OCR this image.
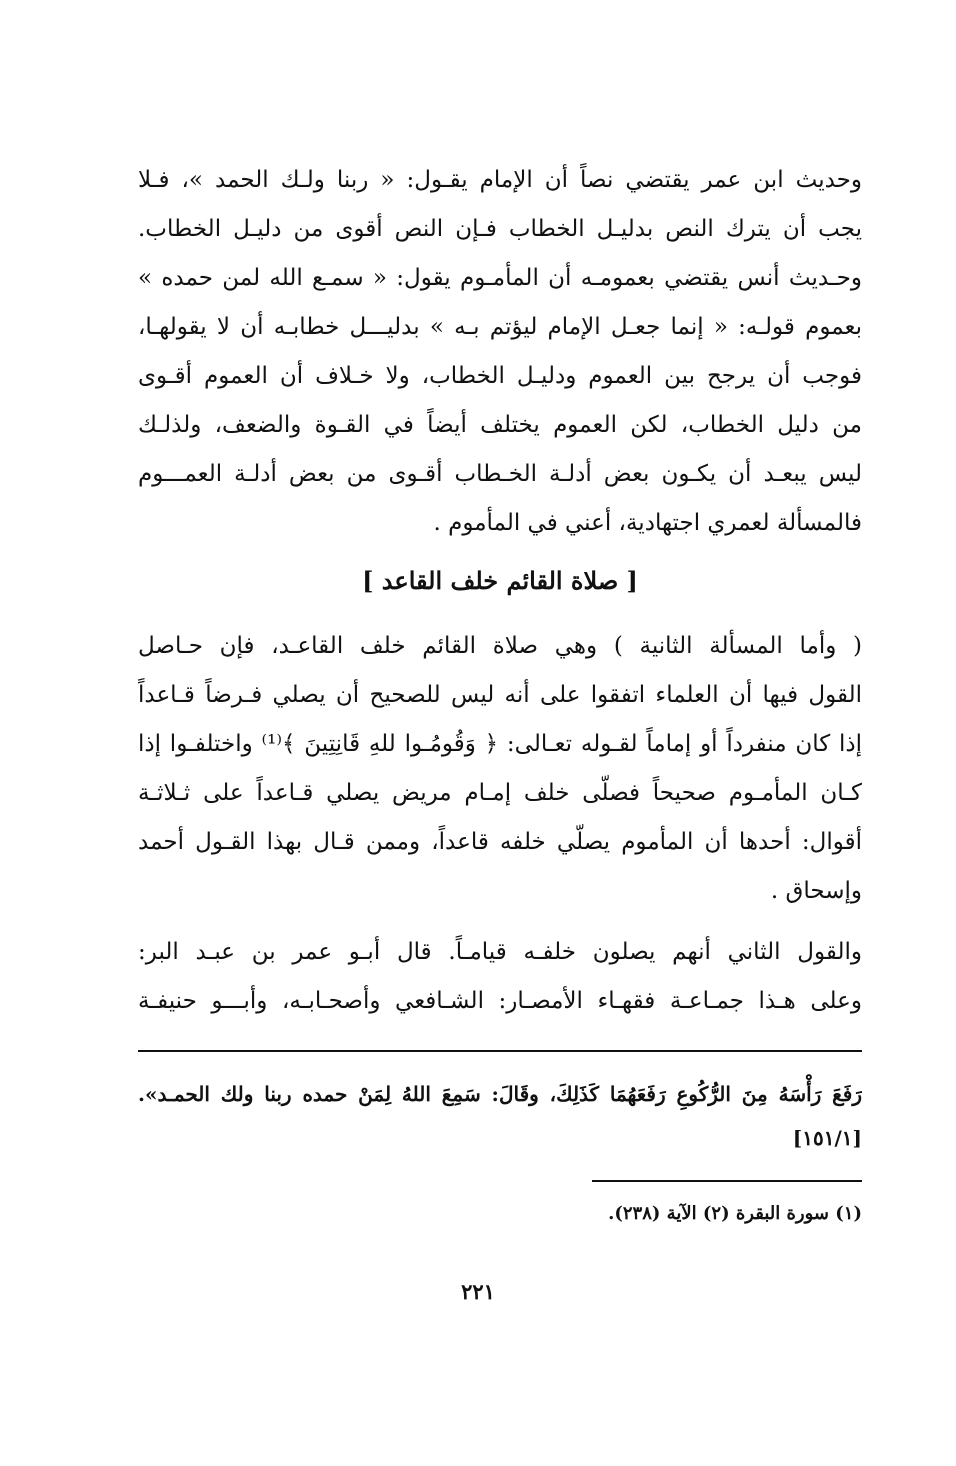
وحديث ابن عمر يقتضي نصاً أن الإمام يقـول: « ربنا ولـك الحمد »، فـلا
يجب أن يترك النص بدليـل الخطاب فـإن النص أقوى من دليـل الخطاب.
وحـديث أنس يقتضي بعمومـه أن المأمـوم يقول: « سمـع الله لمن حمده »
بعموم قولـه: « إنما جعـل الإمام ليؤتم بـه » بدليـــل خطابـه أن لا يقولهـا،
فوجب أن يرجح بين العموم ودليـل الخطاب، ولا خـلاف أن العموم أقـوى
من دليل الخطاب، لكن العموم يختلف أيضاً في القـوة والضعف، ولذلـك
ليس يبعـد أن يكـون بعض أدلـة الخـطاب أقـوى من بعض أدلـة العمـــوم
فالمسألة لعمري اجتهادية، أعني في المأموم .
[ صلاة القائم خلف القاعد ]
( وأما المسألة الثانية ) وهي صلاة القائم خلف القاعـد، فإن حـاصل
القول فيها أن العلماء اتفقوا على أنه ليس للصحيح أن يصلي فـرضاً قـاعداً
إذا كان منفرداً أو إماماً لقـوله تعـالى: ﴿ وَقُومُـوا للهِ قَانِتِينَ ﴾⁽¹⁾ واختلفـوا إذا
كـان المأمـوم صحيحاً فصلّى خلف إمـام مريض يصلي قـاعداً على ثـلاثـة
أقوال: أحدها أن المأموم يصلّي خلفه قاعداً، وممن قـال بهذا القـول أحمد
وإسحاق .
والقول الثاني أنهم يصلون خلفـه قيامـاً. قال أبـو عمر بن عبـد البر:
وعلى هـذا جمـاعـة فقهـاء الأمصـار: الشـافعي وأصحـابـه، وأبـــو حنيفـة
رَفَعَ رَأْسَهُ مِنَ الرُّكُوعِ رَفَعَهُمَا كَذَلِكَ، وقَالَ: سَمِعَ اللهُ لِمَنْ حمده ربنا ولك الحمـد».
[١٥١/١]
(١) سورة البقرة (٢) الآية (٢٣٨).
٢٢١
